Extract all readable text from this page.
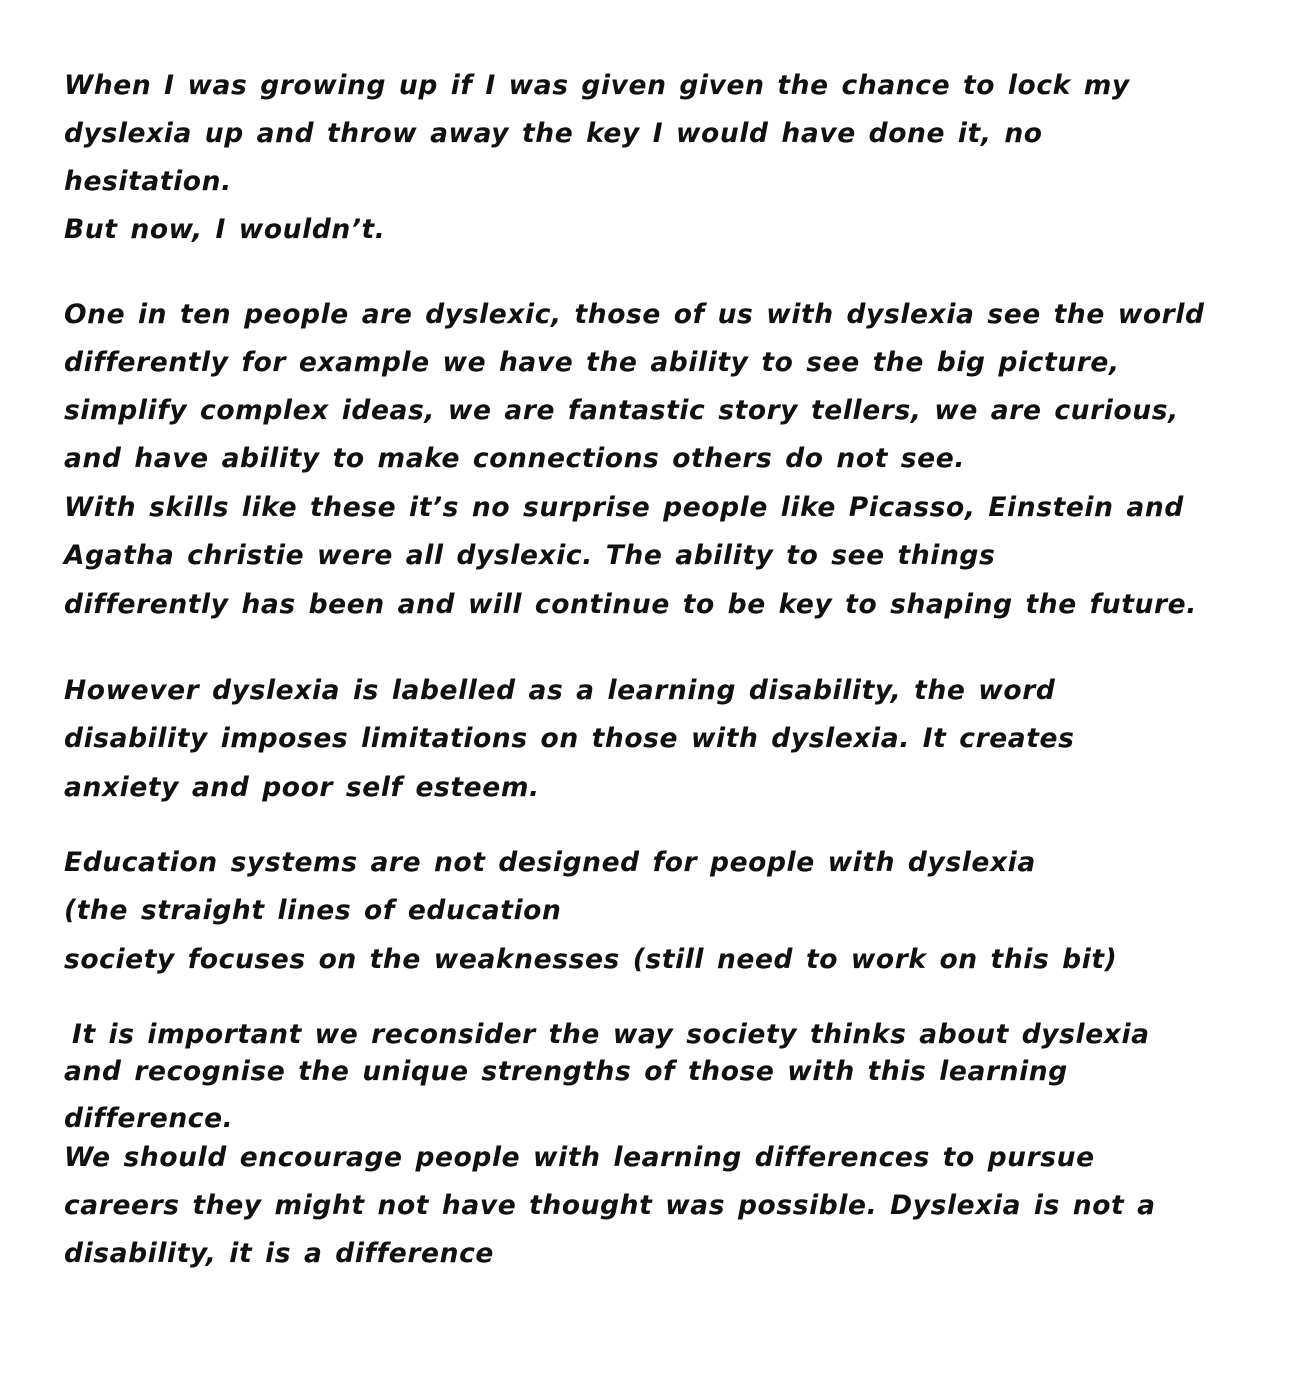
When I was growing up if I was given given the chance to lock my
dyslexia up and throw away the key I would have done it, no
hesitation.
But now, I wouldn’t.
One in ten people are dyslexic, those of us with dyslexia see the world
differently for example we have the ability to see the big picture,
simplify complex ideas, we are fantastic story tellers, we are curious,
and have ability to make connections others do not see.
With skills like these it’s no surprise people like Picasso, Einstein and
Agatha christie were all dyslexic. The ability to see things
differently has been and will continue to be key to shaping the future.
However dyslexia is labelled as a learning disability, the word
disability imposes limitations on those with dyslexia. It creates
anxiety and poor self esteem.
Education systems are not designed for people with dyslexia
(the straight lines of education
society focuses on the weaknesses (still need to work on this bit)
It is important we reconsider the way society thinks about dyslexia
and recognise the unique strengths of those with this learning
difference.
We should encourage people with learning differences to pursue
careers they might not have thought was possible. Dyslexia is not a
disability, it is a difference
